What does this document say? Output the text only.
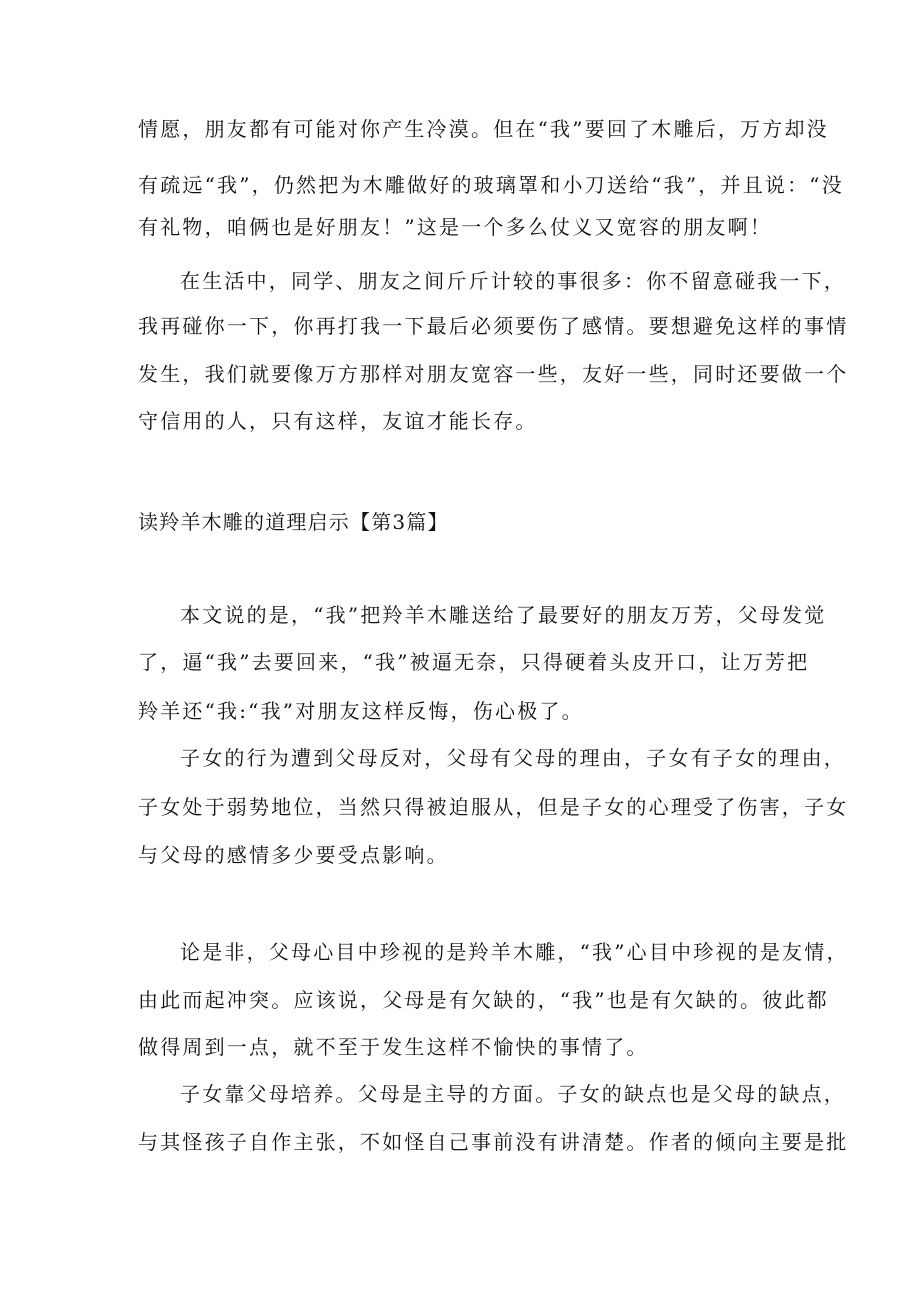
情愿，朋友都有可能对你产生冷漠。但在“我”要回了木雕后，万方却没
有疏远“我”，仍然把为木雕做好的玻璃罩和小刀送给“我”，并且说：“没
有礼物，咱俩也是好朋友！”这是一个多么仗义又宽容的朋友啊！
在生活中，同学、朋友之间斤斤计较的事很多：你不留意碰我一下，
我再碰你一下，你再打我一下最后必须要伤了感情。要想避免这样的事情
发生，我们就要像万方那样对朋友宽容一些，友好一些，同时还要做一个
守信用的人，只有这样，友谊才能长存。
读羚羊木雕的道理启示【第3篇】
本文说的是，“我”把羚羊木雕送给了最要好的朋友万芳，父母发觉
了，逼“我”去要回来，“我”被逼无奈，只得硬着头皮开口，让万芳把
羚羊还“我:“我”对朋友这样反悔，伤心极了。
子女的行为遭到父母反对，父母有父母的理由，子女有子女的理由，
子女处于弱势地位，当然只得被迫服从，但是子女的心理受了伤害，子女
与父母的感情多少要受点影响。
论是非，父母心目中珍视的是羚羊木雕，“我”心目中珍视的是友情，
由此而起冲突。应该说，父母是有欠缺的，“我”也是有欠缺的。彼此都
做得周到一点，就不至于发生这样不愉快的事情了。
子女靠父母培养。父母是主导的方面。子女的缺点也是父母的缺点，
与其怪孩子自作主张，不如怪自己事前没有讲清楚。作者的倾向主要是批
